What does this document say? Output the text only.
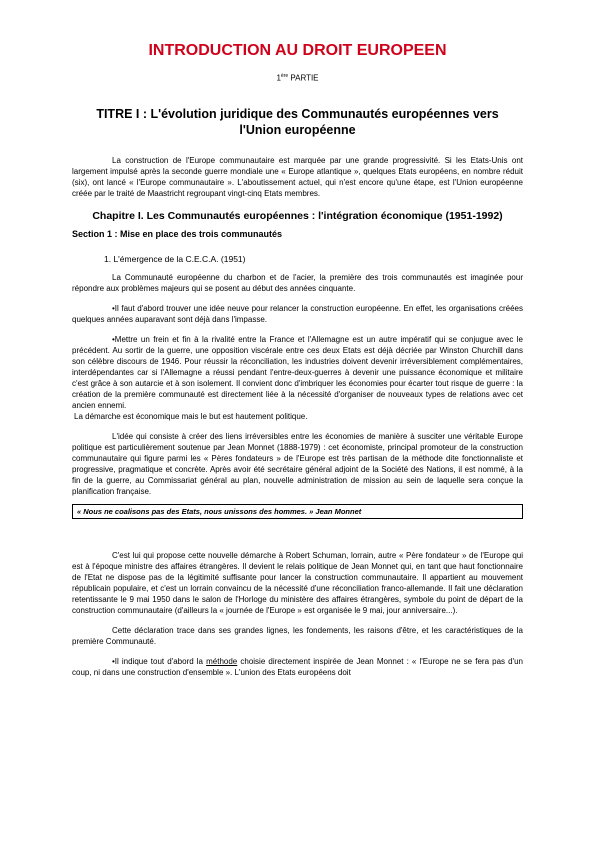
INTRODUCTION AU DROIT EUROPEEN
1ère PARTIE
TITRE I : L'évolution juridique des Communautés européennes vers l'Union européenne

La construction de l'Europe communautaire est marquée par une grande progressivité. Si les Etats-Unis ont largement impulsé après la seconde guerre mondiale une « Europe atlantique », quelques Etats européens, en nombre réduit (six), ont lancé « l'Europe communautaire ». L'aboutissement actuel, qui n'est encore qu'une étape, est l'Union européenne créée par le traité de Maastricht regroupant vingt-cinq Etats membres.

Chapitre I. Les Communautés européennes : l'intégration économique (1951-1992)
Section 1 : Mise en place des trois communautés
1. L'émergence de la C.E.C.A. (1951)

La Communauté européenne du charbon et de l'acier, la première des trois communautés est imaginée pour répondre aux problèmes majeurs qui se posent au début des années cinquante.

•Il faut d'abord trouver une idée neuve pour relancer la construction européenne. En effet, les organisations créées quelques années auparavant sont déjà dans l'impasse.

•Mettre un frein et fin à la rivalité entre la France et l'Allemagne est un autre impératif qui se conjugue avec le précédent. Au sortir de la guerre, une opposition viscérale entre ces deux Etats est déjà décriée par Winston Churchill dans son célèbre discours de 1946. Pour réussir la réconciliation, les industries doivent devenir irréversiblement complémentaires, interdépendantes car si l'Allemagne a réussi pendant l'entre-deux-guerres à devenir une puissance économique et militaire c'est grâce à son autarcie et à son isolement. Il convient donc d'imbriquer les économies pour écarter tout risque de guerre : la création de la première communauté est directement liée à la nécessité d'organiser de nouveaux types de relations avec cet ancien ennemi.

La démarche est économique mais le but est hautement politique.

L'idée qui consiste à créer des liens irréversibles entre les économies de manière à susciter une véritable Europe politique est particulièrement soutenue par Jean Monnet (1888-1979) : cet économiste, principal promoteur de la construction communautaire qui figure parmi les « Pères fondateurs » de l'Europe est très partisan de la méthode dite fonctionnaliste et progressive, pragmatique et concrète. Après avoir été secrétaire général adjoint de la Société des Nations, il est nommé, à la fin de la guerre, au Commissariat général au plan, nouvelle administration de mission au sein de laquelle sera conçue la planification française.

« Nous ne coalisons pas des Etats, nous unissons des hommes. » Jean Monnet

C'est lui qui propose cette nouvelle démarche à Robert Schuman, lorrain, autre « Père fondateur » de l'Europe qui est à l'époque ministre des affaires étrangères. Il devient le relais politique de Jean Monnet qui, en tant que haut fonctionnaire de l'Etat ne dispose pas de la légitimité suffisante pour lancer la construction communautaire. Il appartient au mouvement républicain populaire, et c'est un lorrain convaincu de la nécessité d'une réconciliation franco-allemande. Il fait une déclaration retentissante le 9 mai 1950 dans le salon de l'Horloge du ministère des affaires étrangères, symbole du point de départ de la construction communautaire (d'ailleurs la « journée de l'Europe » est organisée le 9 mai, jour anniversaire...).

Cette déclaration trace dans ses grandes lignes, les fondements, les raisons d'être, et les caractéristiques de la première Communauté.

•Il indique tout d'abord la méthode choisie directement inspirée de Jean Monnet : « l'Europe ne se fera pas d'un coup, ni dans une construction d'ensemble ». L'union des Etats européens doit
